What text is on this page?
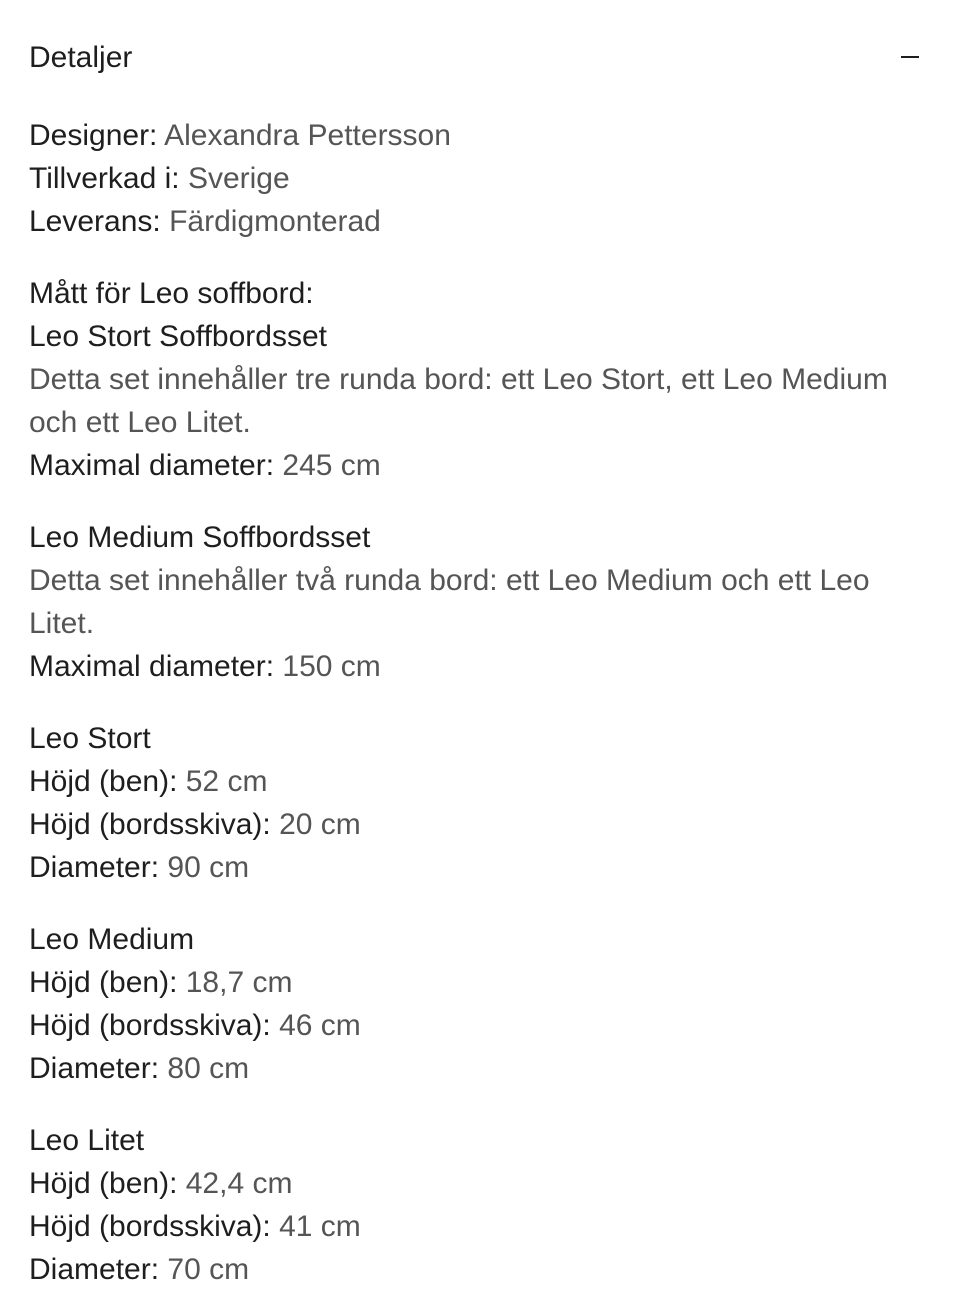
Detaljer
Designer: Alexandra Pettersson
Tillverkad i: Sverige
Leverans: Färdigmonterad
Mått för Leo soffbord:
Leo Stort Soffbordsset
Detta set innehåller tre runda bord: ett Leo Stort, ett Leo Medium och ett Leo Litet.
Maximal diameter: 245 cm
Leo Medium Soffbordsset
Detta set innehåller två runda bord: ett Leo Medium och ett Leo Litet.
Maximal diameter: 150 cm
Leo Stort
Höjd (ben): 52 cm
Höjd (bordsskiva): 20 cm
Diameter: 90 cm
Leo Medium
Höjd (ben): 18,7 cm
Höjd (bordsskiva): 46 cm
Diameter: 80 cm
Leo Litet
Höjd (ben): 42,4 cm
Höjd (bordsskiva): 41 cm
Diameter: 70 cm
